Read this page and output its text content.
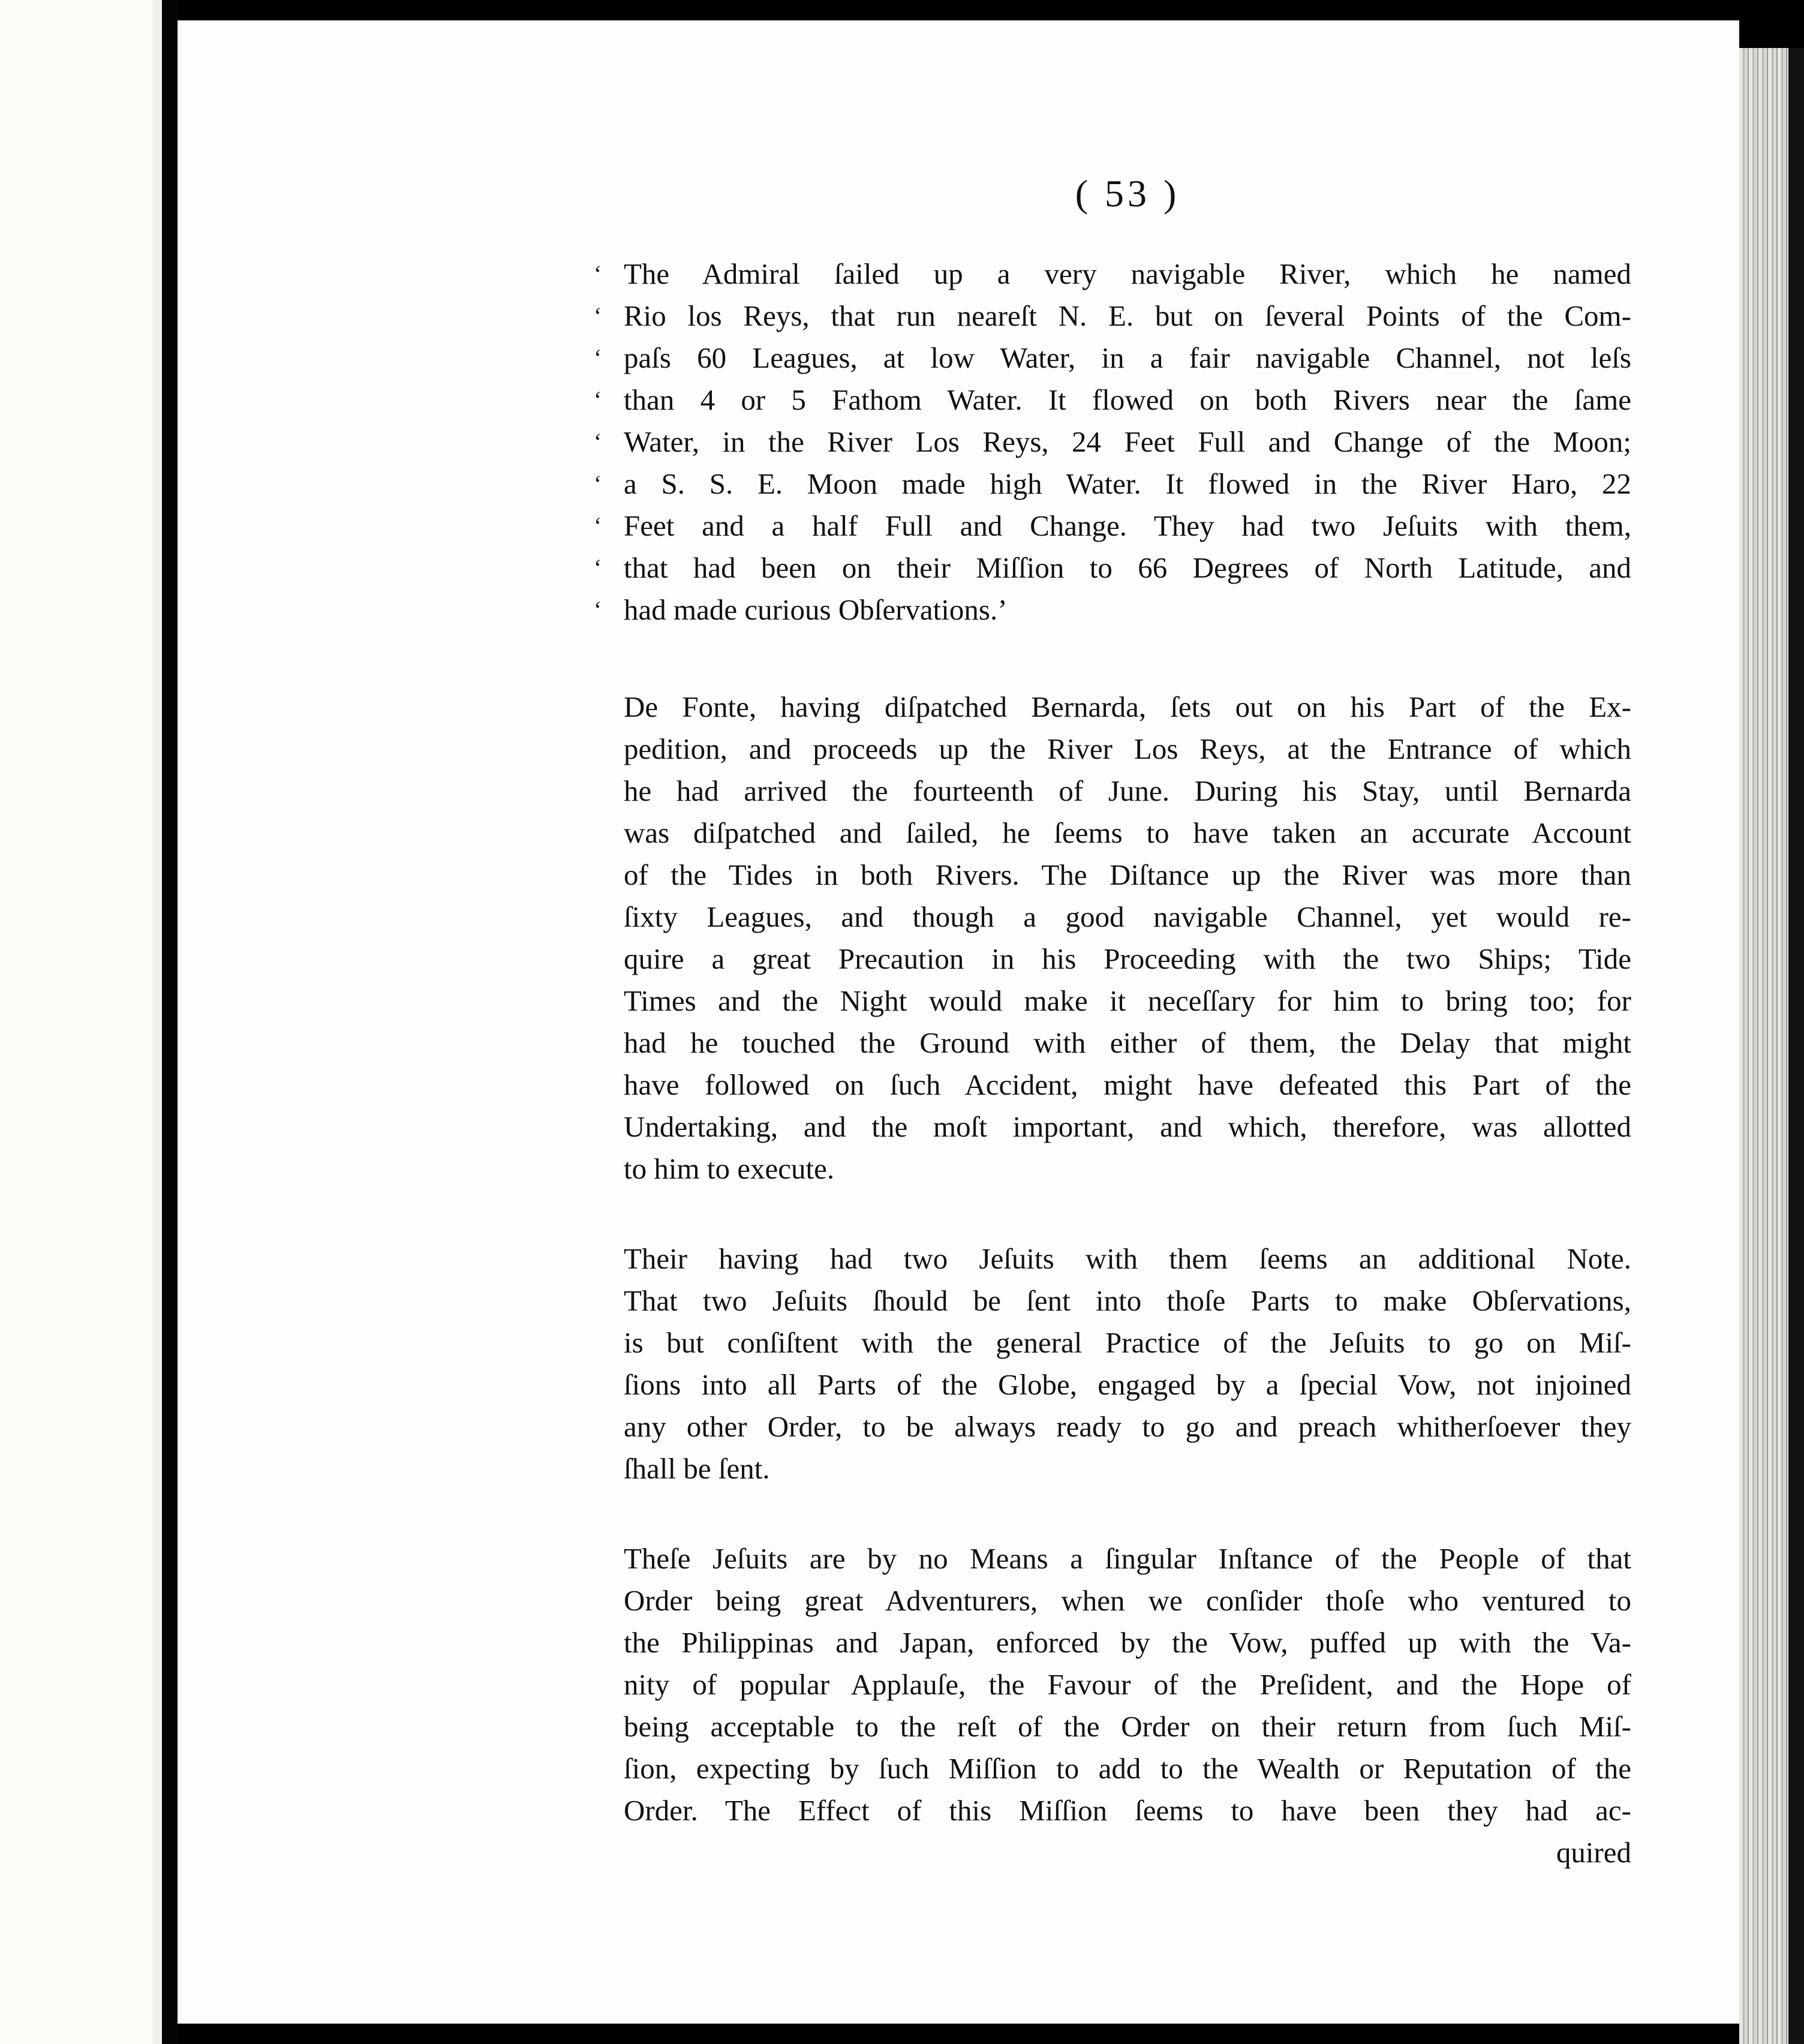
( 53 )
‘ The Admiral ſailed up a very navigable River, which he named
‘ Rio los Reys, that run neareſt N. E. but on ſeveral Points of the Com-
‘ paſs 60 Leagues, at low Water, in a fair navigable Channel, not leſs
‘ than 4 or 5 Fathom Water. It flowed on both Rivers near the ſame
‘ Water, in the River Los Reys, 24 Feet Full and Change of the Moon;
‘ a S. S. E. Moon made high Water. It flowed in the River Haro, 22
‘ Feet and a half Full and Change. They had two Jeſuits with them,
‘ that had been on their Miſſion to 66 Degrees of North Latitude, and
‘ had made curious Obſervations.’
De Fonte, having diſpatched Bernarda, ſets out on his Part of the Ex-
pedition, and proceeds up the River Los Reys, at the Entrance of which
he had arrived the fourteenth of June. During his Stay, until Bernarda
was diſpatched and ſailed, he ſeems to have taken an accurate Account
of the Tides in both Rivers. The Diſtance up the River was more than
ſixty Leagues, and though a good navigable Channel, yet would re-
quire a great Precaution in his Proceeding with the two Ships; Tide
Times and the Night would make it neceſſary for him to bring too; for
had he touched the Ground with either of them, the Delay that might
have followed on ſuch Accident, might have defeated this Part of the
Undertaking, and the moſt important, and which, therefore, was allotted
to him to execute.
Their having had two Jeſuits with them ſeems an additional Note.
That two Jeſuits ſhould be ſent into thoſe Parts to make Obſervations,
is but conſiſtent with the general Practice of the Jeſuits to go on Miſ-
ſions into all Parts of the Globe, engaged by a ſpecial Vow, not injoined
any other Order, to be always ready to go and preach whitherſoever they
ſhall be ſent.
Theſe Jeſuits are by no Means a ſingular Inſtance of the People of that
Order being great Adventurers, when we conſider thoſe who ventured to
the Philippinas and Japan, enforced by the Vow, puffed up with the Va-
nity of popular Applauſe, the Favour of the Preſident, and the Hope of
being acceptable to the reſt of the Order on their return from ſuch Miſ-
ſion, expecting by ſuch Miſſion to add to the Wealth or Reputation of the
Order. The Effect of this Miſſion ſeems to have been they had ac-
quired
